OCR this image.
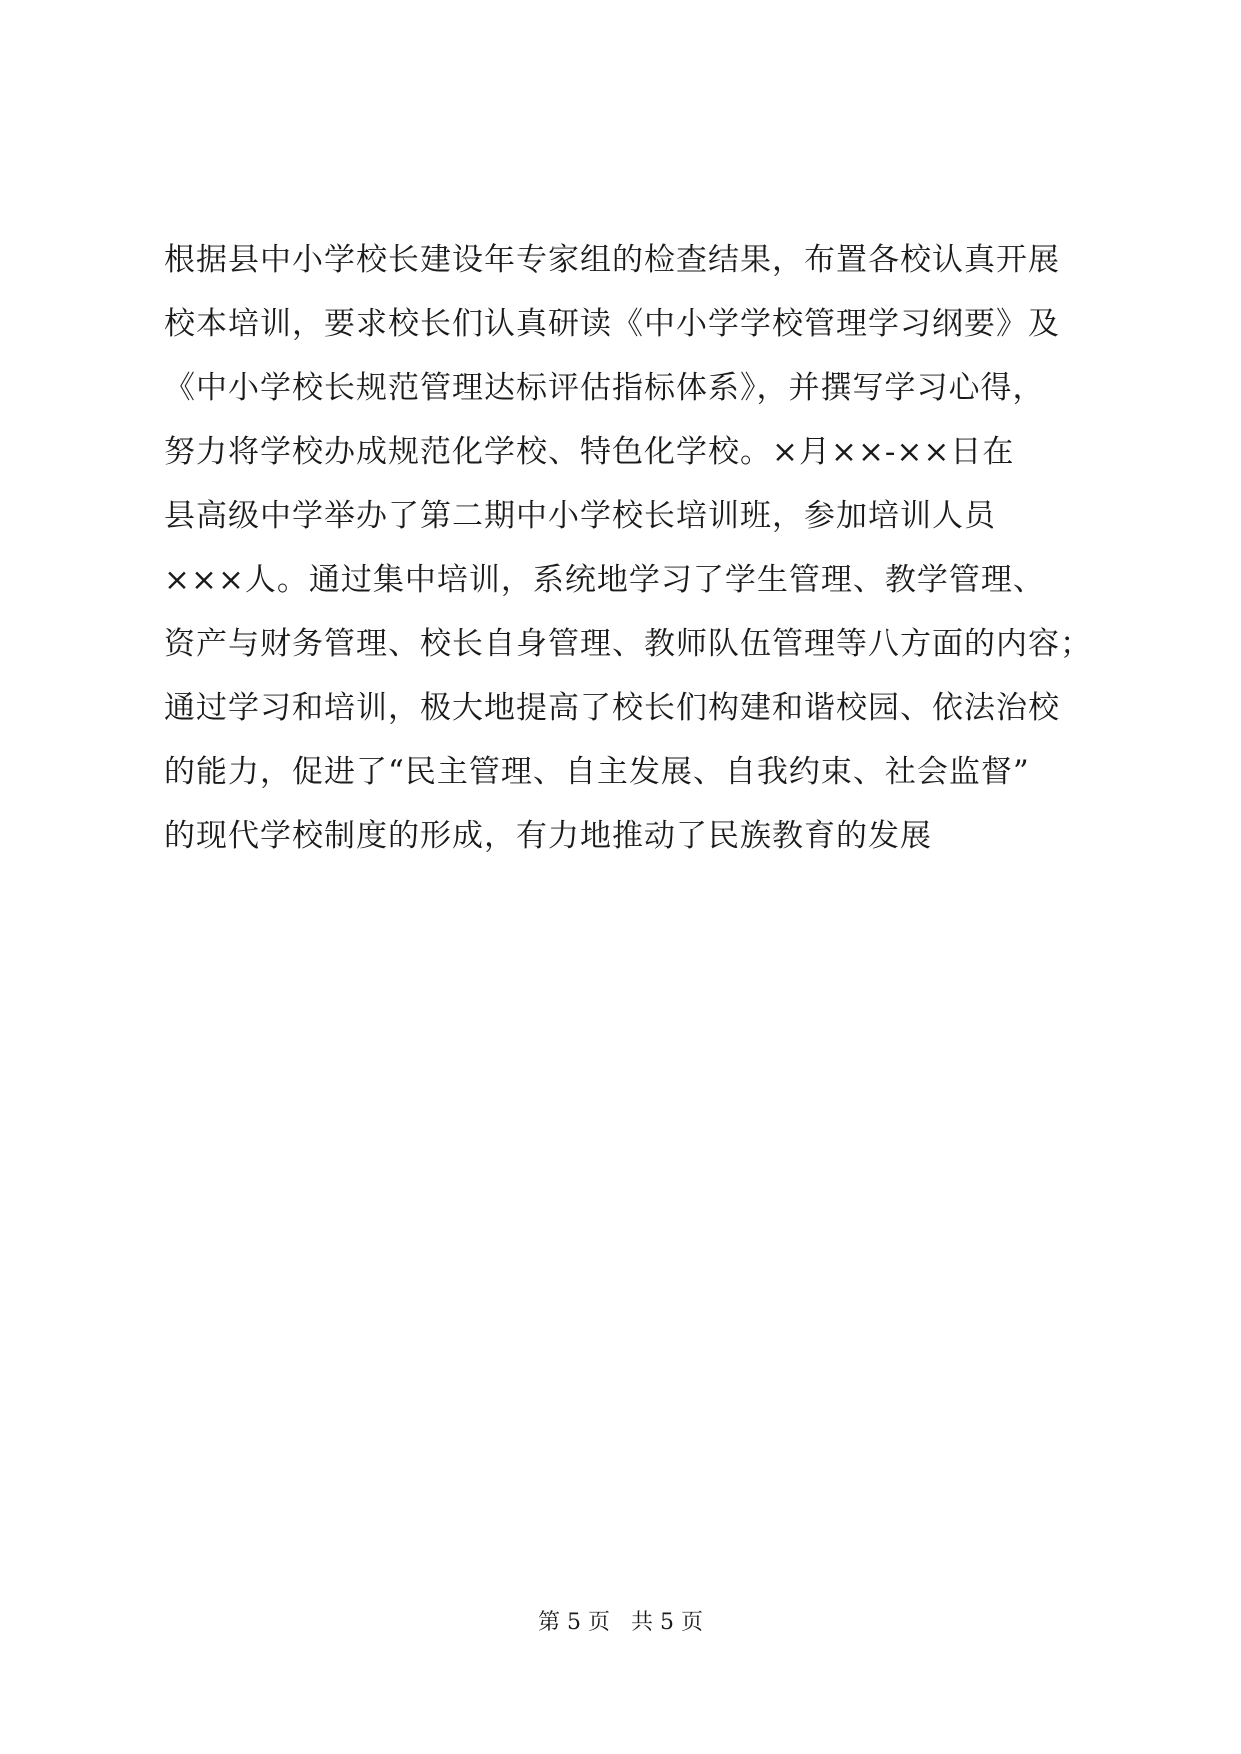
根据县中小学校长建设年专家组的检查结果，布置各校认真开展
校本培训，要求校长们认真研读《中小学学校管理学习纲要》及
《中小学校长规范管理达标评估指标体系》，并撰写学习心得，
努力将学校办成规范化学校、特色化学校。×月××-××日在
县高级中学举办了第二期中小学校长培训班，参加培训人员
×××人。通过集中培训，系统地学习了学生管理、教学管理、
资产与财务管理、校长自身管理、教师队伍管理等八方面的内容；
通过学习和培训，极大地提高了校长们构建和谐校园、依法治校
的能力，促进了“民主管理、自主发展、自我约束、社会监督”
的现代学校制度的形成，有力地推动了民族教育的发展
第 5 页 共 5 页
